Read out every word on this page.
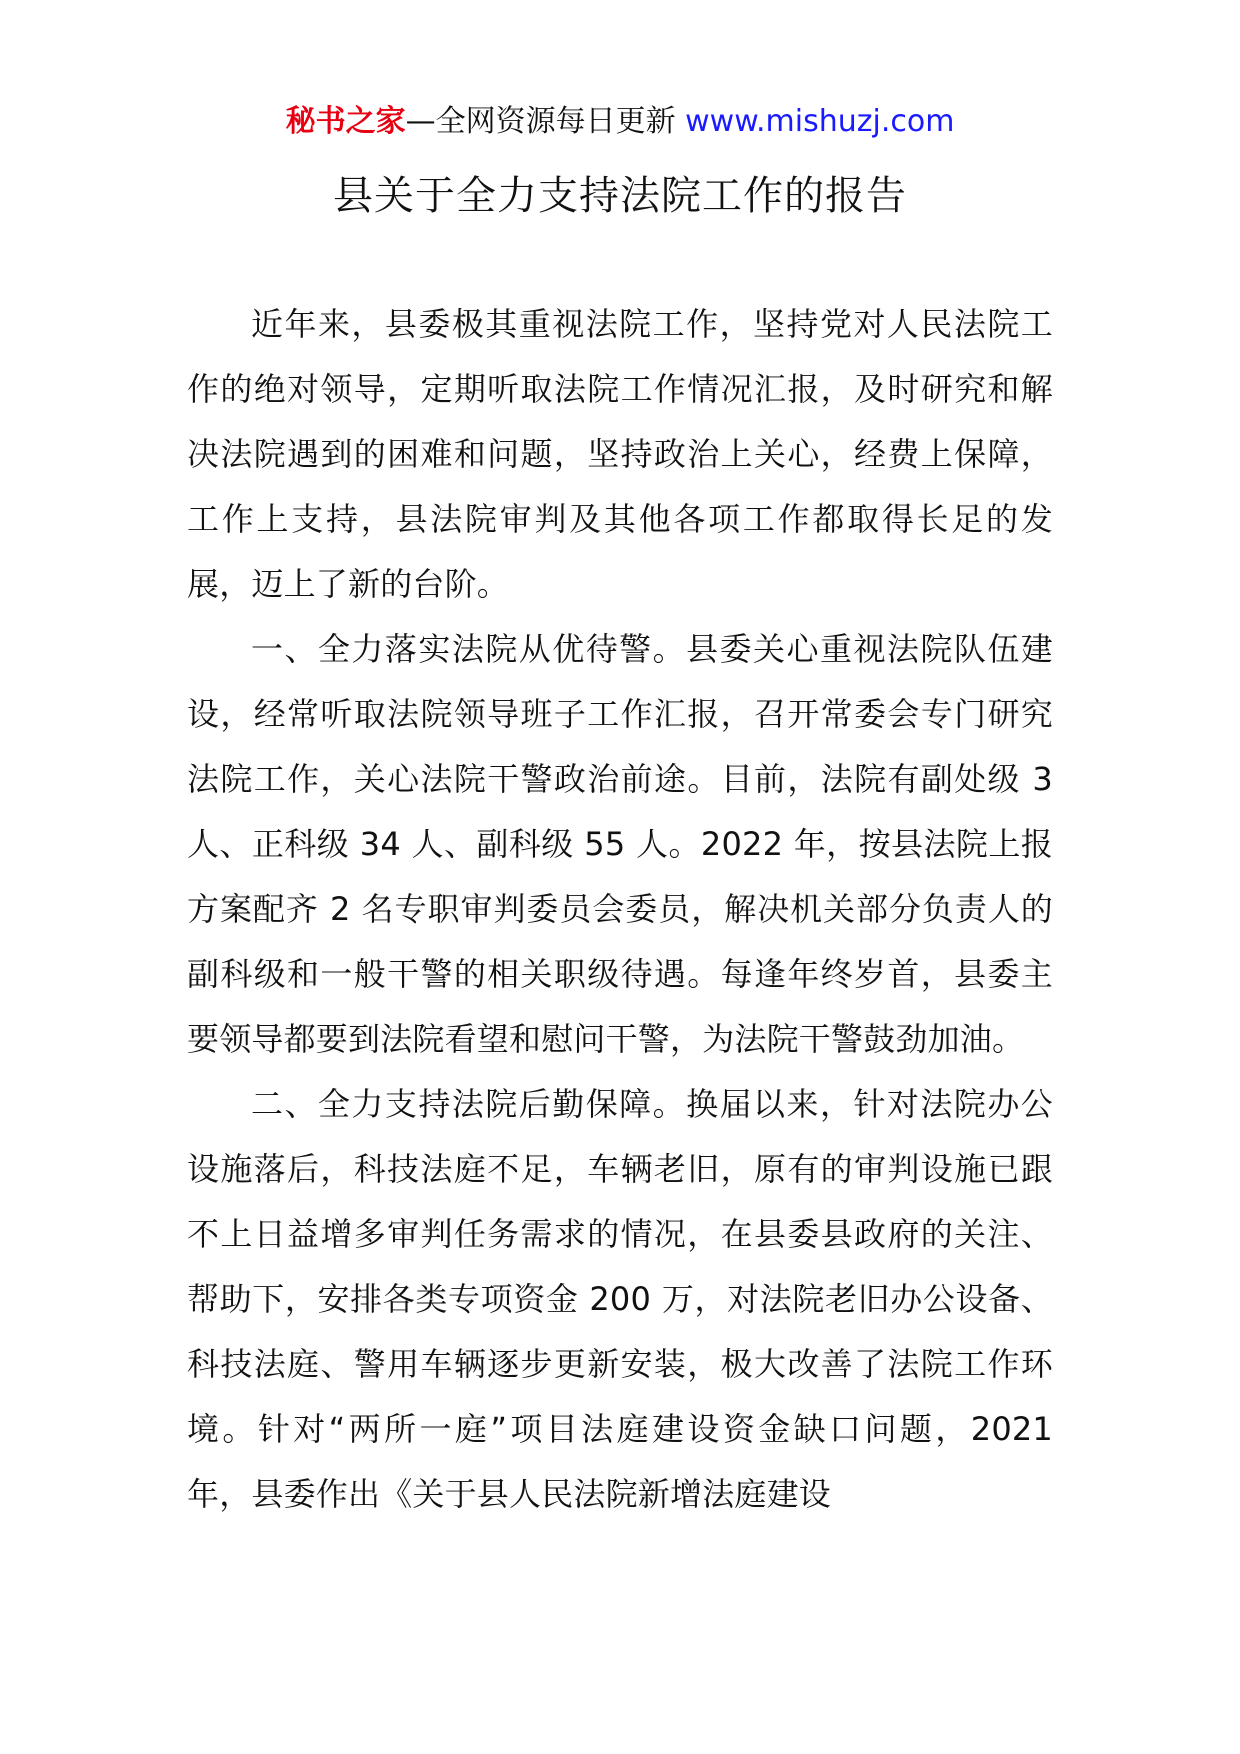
秘书之家—全网资源每日更新 www.mishuzj.com
县关于全力支持法院工作的报告

近年来，县委极其重视法院工作，坚持党对人民法院工作的绝对领导，定期听取法院工作情况汇报，及时研究和解决法院遇到的困难和问题，坚持政治上关心，经费上保障，工作上支持，县法院审判及其他各项工作都取得长足的发展，迈上了新的台阶。

一、全力落实法院从优待警。县委关心重视法院队伍建设，经常听取法院领导班子工作汇报，召开常委会专门研究法院工作，关心法院干警政治前途。目前，法院有副处级 3 人、正科级 34 人、副科级 55 人。2022 年，按县法院上报方案配齐 2 名专职审判委员会委员，解决机关部分负责人的副科级和一般干警的相关职级待遇。每逢年终岁首，县委主要领导都要到法院看望和慰问干警，为法院干警鼓劲加油。

二、全力支持法院后勤保障。换届以来，针对法院办公设施落后，科技法庭不足，车辆老旧，原有的审判设施已跟不上日益增多审判任务需求的情况，在县委县政府的关注、帮助下，安排各类专项资金 200 万，对法院老旧办公设备、科技法庭、警用车辆逐步更新安装，极大改善了法院工作环境。针对“两所一庭”项目法庭建设资金缺口问题，2021 年，县委作出《关于县人民法院新增法庭建设
